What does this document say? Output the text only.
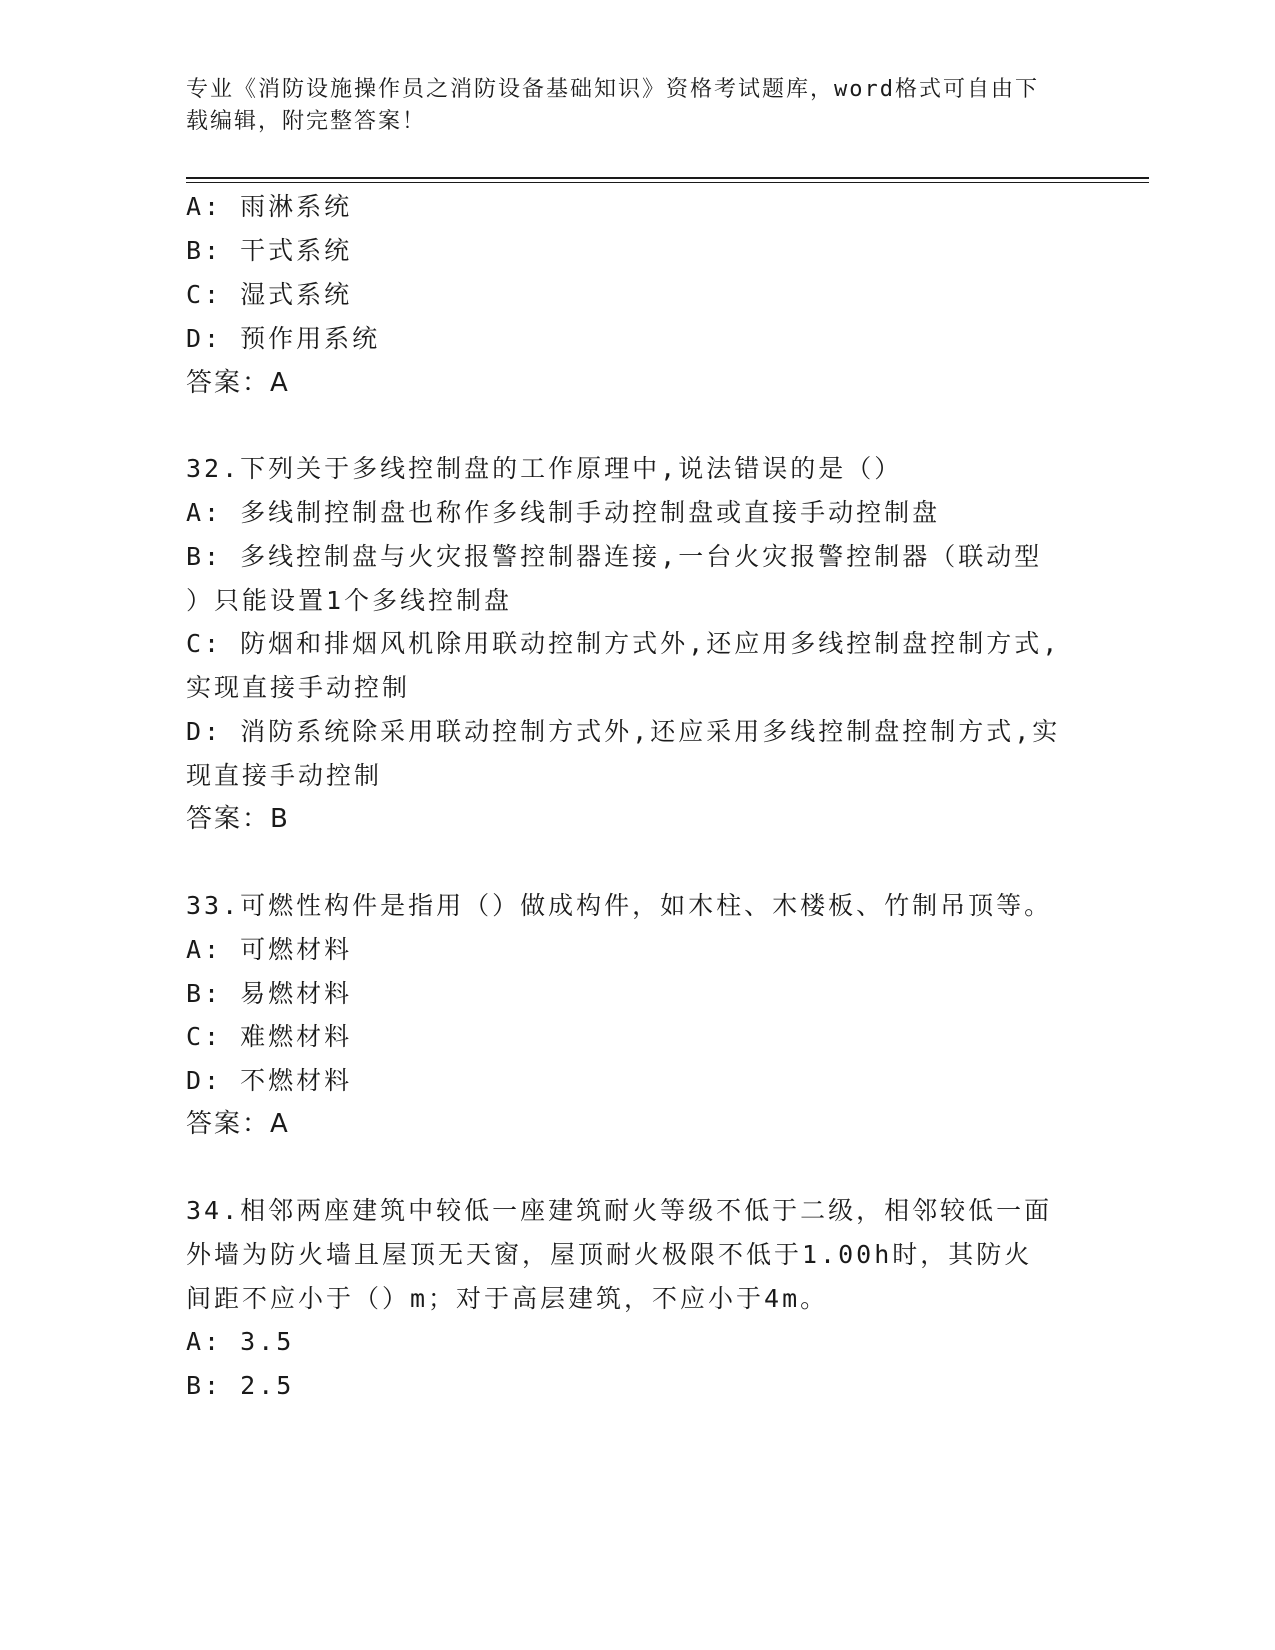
专业《消防设施操作员之消防设备基础知识》资格考试题库，word格式可自由下
载编辑，附完整答案！
A: 雨淋系统
B: 干式系统
C: 湿式系统
D: 预作用系统
答案：A
32.下列关于多线控制盘的工作原理中,说法错误的是（）
A: 多线制控制盘也称作多线制手动控制盘或直接手动控制盘
B: 多线控制盘与火灾报警控制器连接,一台火灾报警控制器（联动型
）只能设置1个多线控制盘
C: 防烟和排烟风机除用联动控制方式外,还应用多线控制盘控制方式,
实现直接手动控制
D: 消防系统除采用联动控制方式外,还应采用多线控制盘控制方式,实
现直接手动控制
答案：B
33.可燃性构件是指用（）做成构件，如木柱、木楼板、竹制吊顶等。
A: 可燃材料
B: 易燃材料
C: 难燃材料
D: 不燃材料
答案：A
34.相邻两座建筑中较低一座建筑耐火等级不低于二级，相邻较低一面
外墙为防火墙且屋顶无天窗，屋顶耐火极限不低于1.00h时，其防火
间距不应小于（）m；对于高层建筑，不应小于4m。
A: 3.5
B: 2.5
